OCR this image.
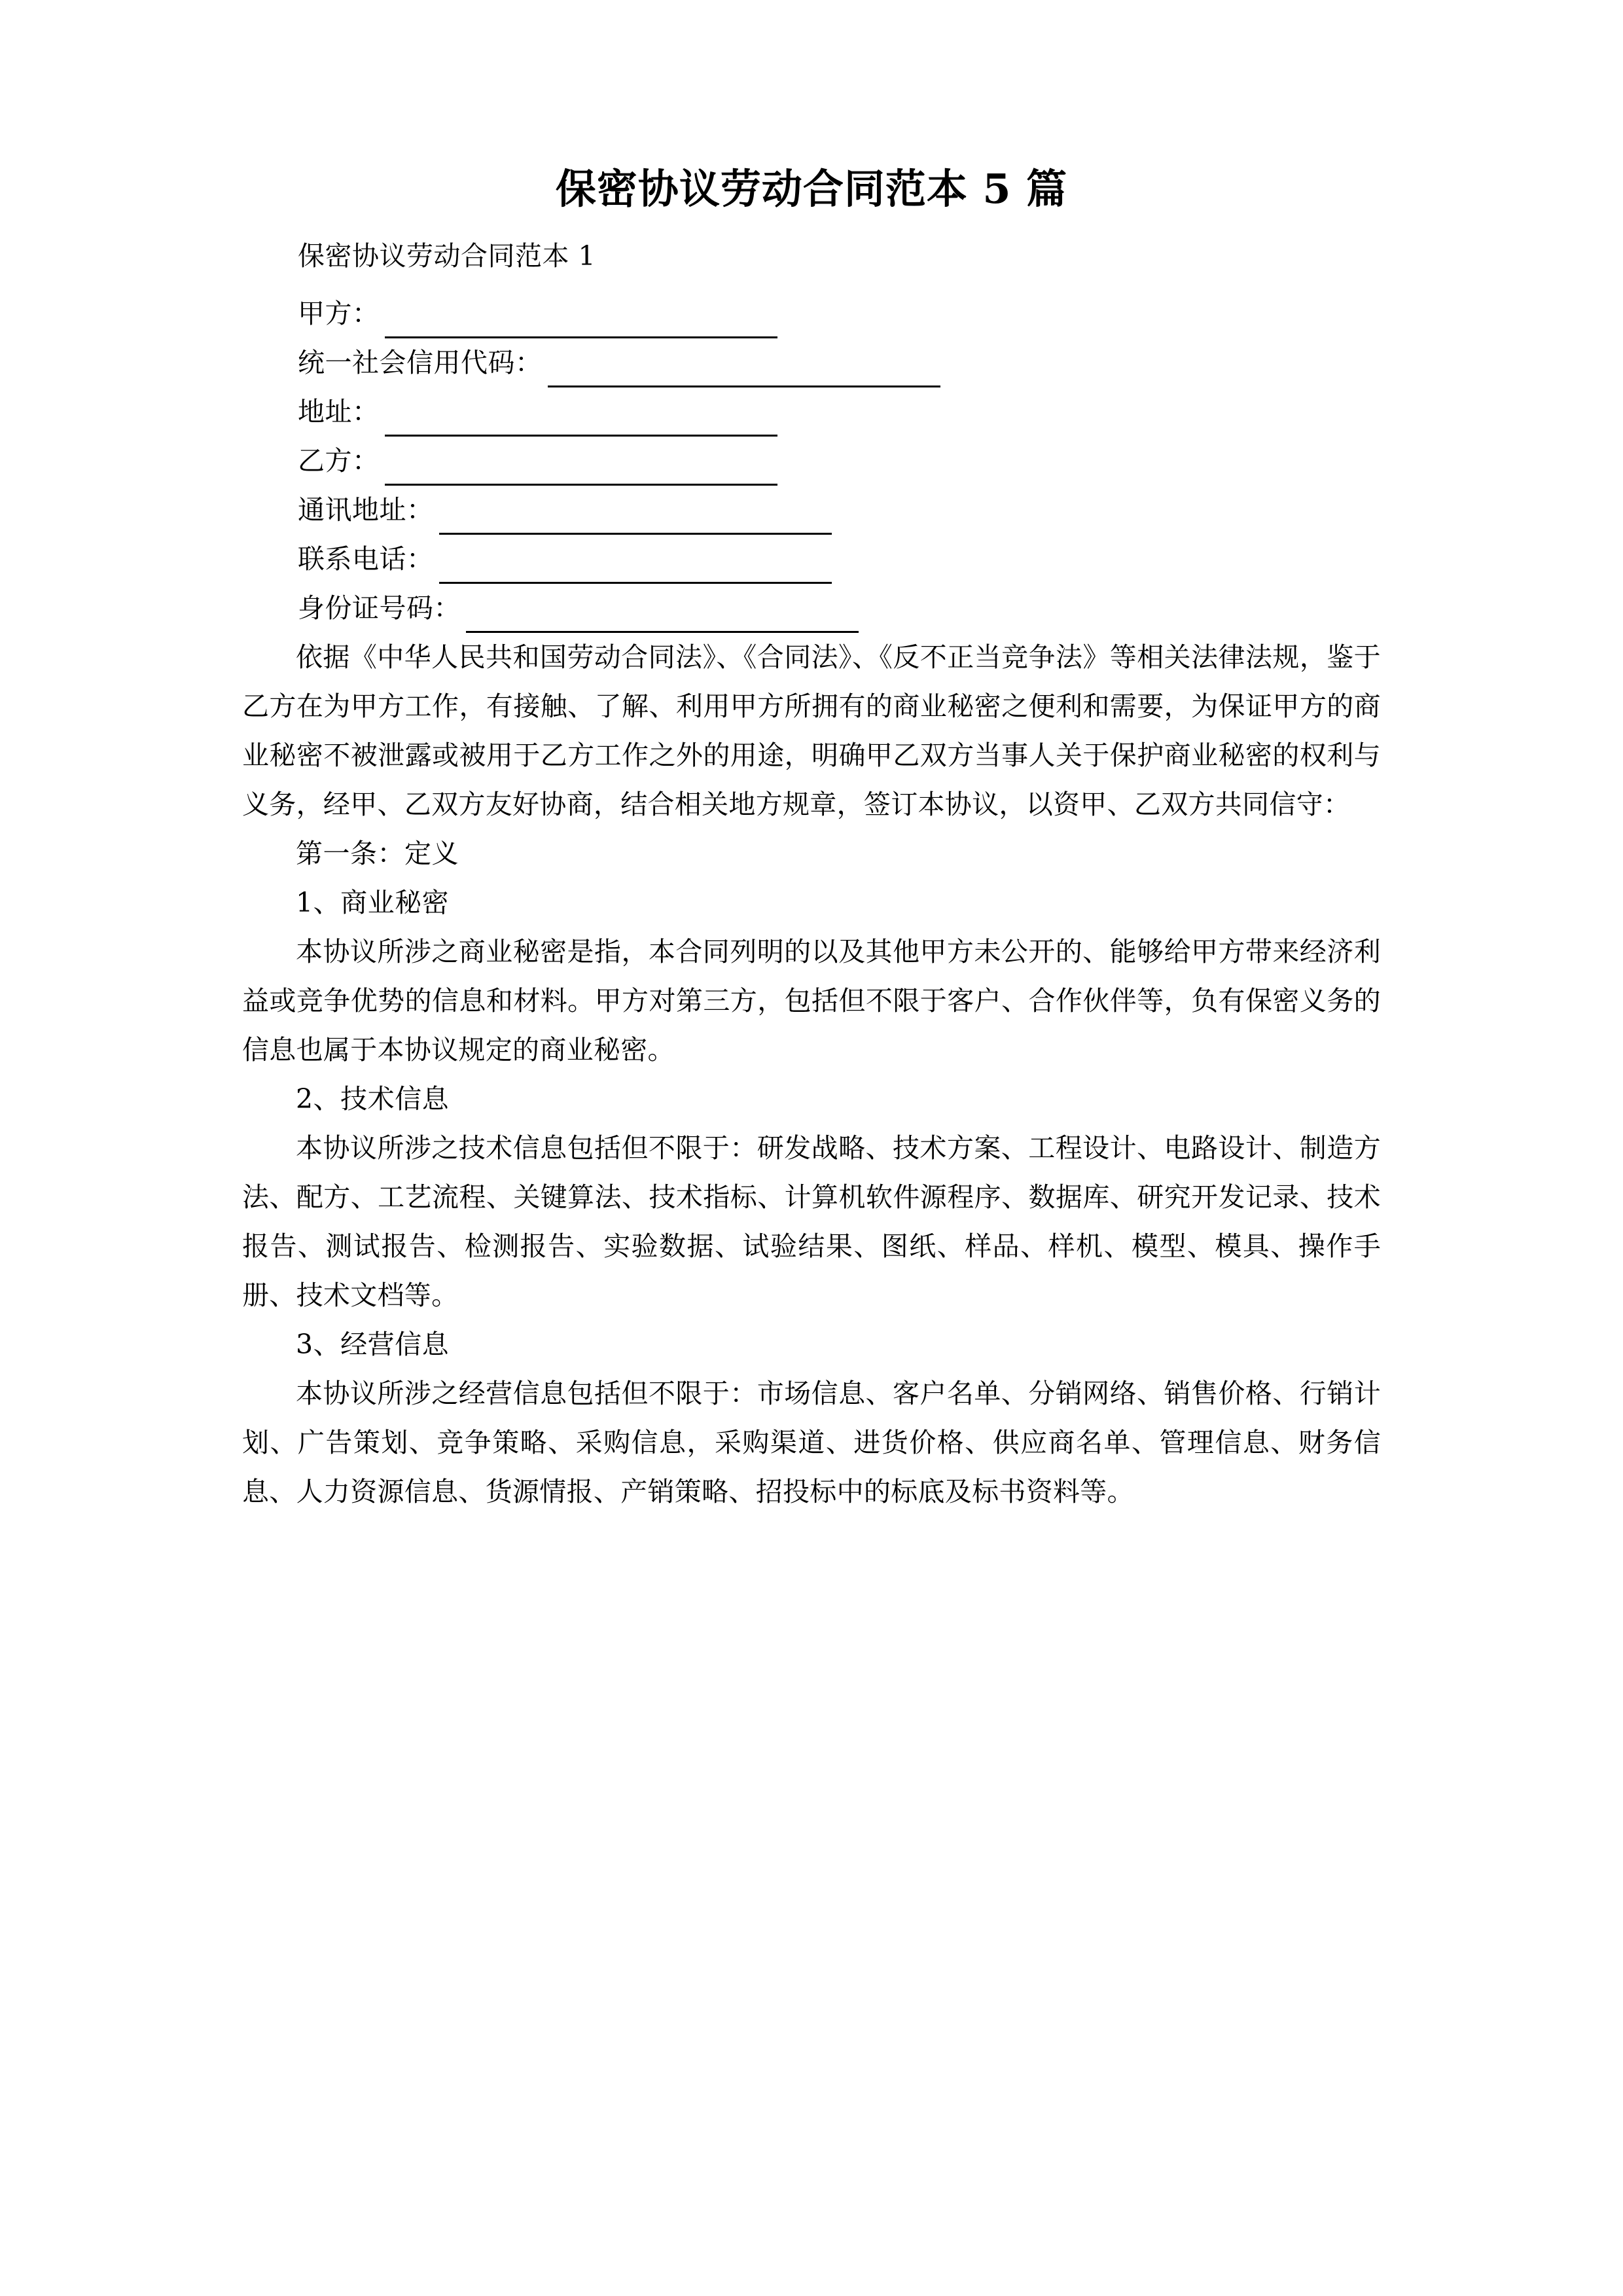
保密协议劳动合同范本 5 篇
保密协议劳动合同范本 1
甲方：
统一社会信用代码：
地址：
乙方：
通讯地址：
联系电话：
身份证号码：

依据《中华人民共和国劳动合同法》、《合同法》、《反不正当竞争法》等相关法律法规，鉴于乙方在为甲方工作，有接触、了解、利用甲方所拥有的商业秘密之便利和需要，为保证甲方的商业秘密不被泄露或被用于乙方工作之外的用途，明确甲乙双方当事人关于保护商业秘密的权利与义务，经甲、乙双方友好协商，结合相关地方规章，签订本协议，以资甲、乙双方共同信守：

第一条：定义

1、商业秘密

本协议所涉之商业秘密是指，本合同列明的以及其他甲方未公开的、能够给甲方带来经济利益或竞争优势的信息和材料。甲方对第三方，包括但不限于客户、合作伙伴等，负有保密义务的信息也属于本协议规定的商业秘密。

2、技术信息

本协议所涉之技术信息包括但不限于：研发战略、技术方案、工程设计、电路设计、制造方法、配方、工艺流程、关键算法、技术指标、计算机软件源程序、数据库、研究开发记录、技术报告、测试报告、检测报告、实验数据、试验结果、图纸、样品、样机、模型、模具、操作手册、技术文档等。

3、经营信息

本协议所涉之经营信息包括但不限于：市场信息、客户名单、分销网络、销售价格、行销计划、广告策划、竞争策略、采购信息，采购渠道、进货价格、供应商名单、管理信息、财务信息、人力资源信息、货源情报、产销策略、招投标中的标底及标书资料等。
